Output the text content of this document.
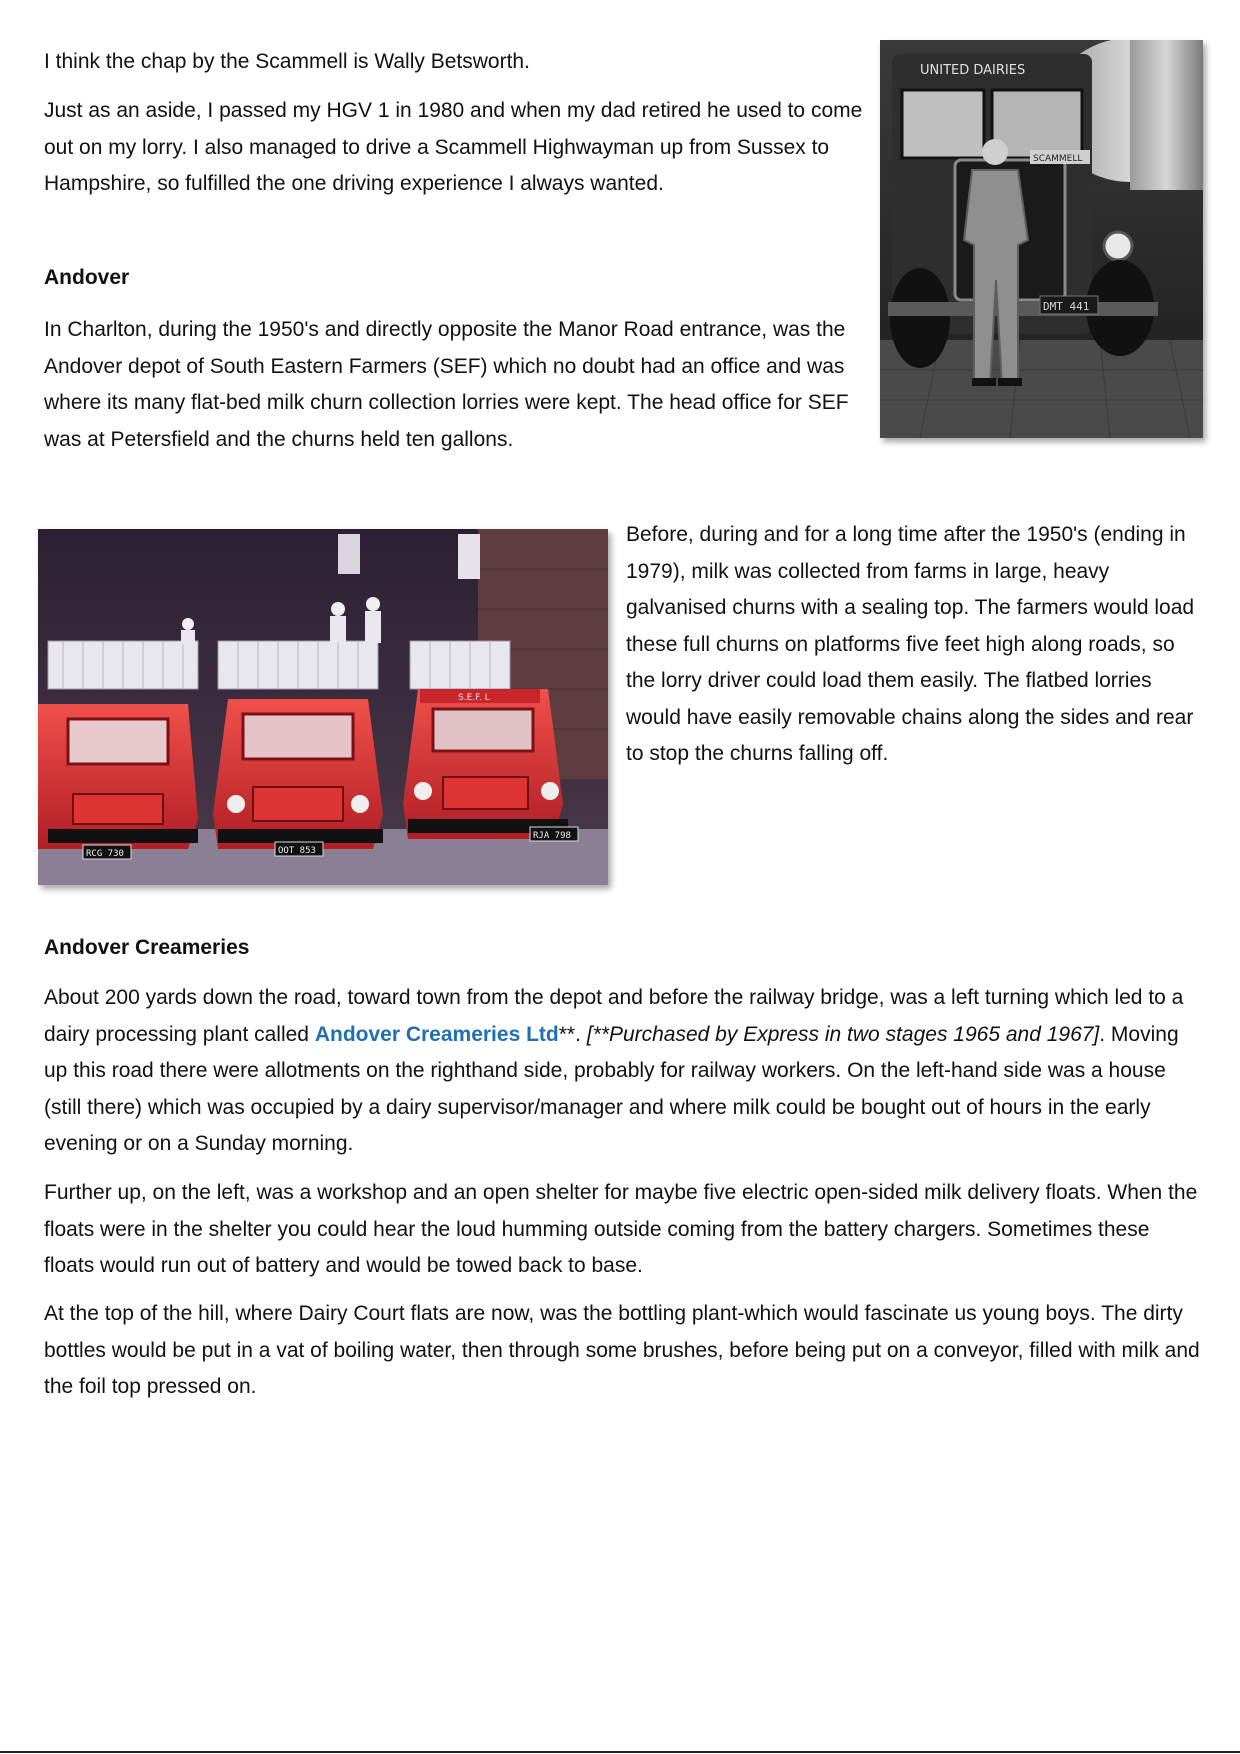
I think the chap by the Scammell is Wally Betsworth.

Just as an aside, I passed my HGV 1 in 1980 and when my dad retired he used to come out on my lorry. I also managed to drive a Scammell Highwayman up from Sussex to Hampshire, so fulfilled the one driving experience I always wanted.

Andover

In Charlton, during the 1950's and directly opposite the Manor Road entrance, was the Andover depot of South Eastern Farmers (SEF) which no doubt had an office and was where its many flat-bed milk churn collection lorries were kept. The head office for SEF was at Petersfield and the churns held ten gallons.

UNITED DAIRIES
SCAMMELL
DMT 441
RCG 730	OOT 853
S.E.F. L
RJA 798

Before, during and for a long time after the 1950's (ending in 1979), milk was collected from farms in large, heavy galvanised churns with a sealing top. The farmers would load these full churns on platforms five feet high along roads, so the lorry driver could load them easily. The flatbed lorries would have easily removable chains along the sides and rear to stop the churns falling off.

Andover Creameries

About 200 yards down the road, toward town from the depot and before the railway bridge, was a left turning which led to a dairy processing plant called Andover Creameries Ltd**. [**Purchased by Express in two stages 1965 and 1967]. Moving up this road there were allotments on the righthand side, probably for railway workers. On the left-hand side was a house (still there) which was occupied by a dairy supervisor/manager and where milk could be bought out of hours in the early evening or on a Sunday morning.

Further up, on the left, was a workshop and an open shelter for maybe five electric open-sided milk delivery floats. When the floats were in the shelter you could hear the loud humming outside coming from the battery chargers. Sometimes these floats would run out of battery and would be towed back to base.

At the top of the hill, where Dairy Court flats are now, was the bottling plant-which would fascinate us young boys. The dirty bottles would be put in a vat of boiling water, then through some brushes, before being put on a conveyor, filled with milk and the foil top pressed on.
